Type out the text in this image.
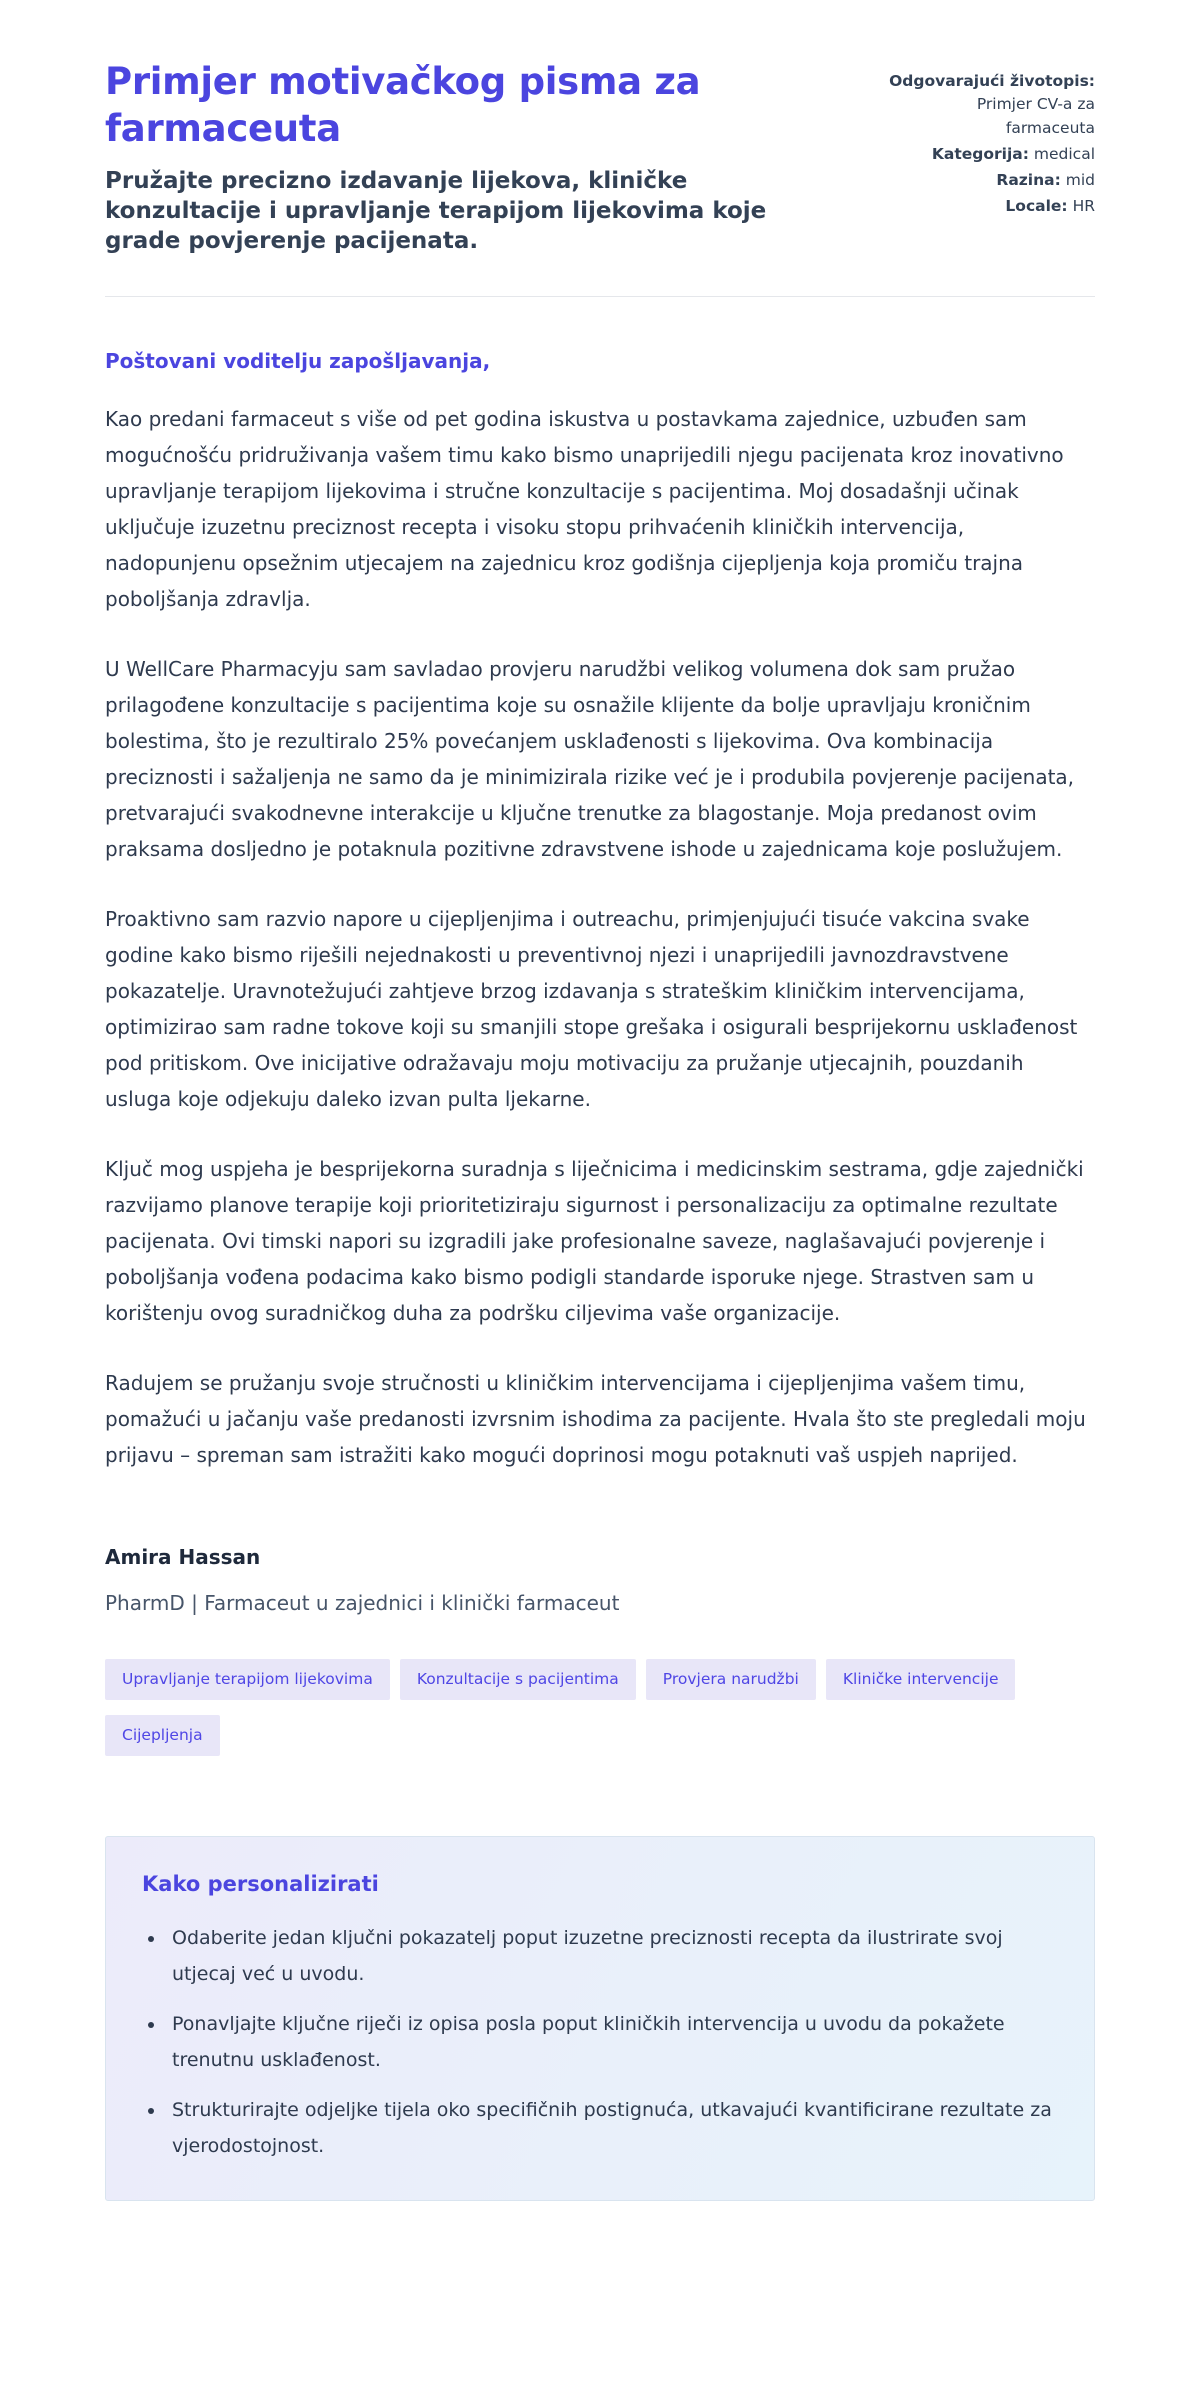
Primjer motivačkog pisma za farmaceuta

Pružajte precizno izdavanje lijekova, kliničke konzultacije i upravljanje terapijom lijekovima koje grade povjerenje pacijenata.

Odgovarajući životopis: Primjer CV-a za farmaceuta
Kategorija: medical
Razina: mid
Locale: HR

Poštovani voditelju zapošljavanja,

Kao predani farmaceut s više od pet godina iskustva u postavkama zajednice, uzbuđen sam mogućnošću pridruživanja vašem timu kako bismo unaprijedili njegu pacijenata kroz inovativno upravljanje terapijom lijekovima i stručne konzultacije s pacijentima. Moj dosadašnji učinak uključuje izuzetnu preciznost recepta i visoku stopu prihvaćenih kliničkih intervencija, nadopunjenu opsežnim utjecajem na zajednicu kroz godišnja cijepljenja koja promiču trajna poboljšanja zdravlja.

U WellCare Pharmacyju sam savladao provjeru narudžbi velikog volumena dok sam pružao prilagođene konzultacije s pacijentima koje su osnažile klijente da bolje upravljaju kroničnim bolestima, što je rezultiralo 25% povećanjem usklađenosti s lijekovima. Ova kombinacija preciznosti i sažaljenja ne samo da je minimizirala rizike već je i produbila povjerenje pacijenata, pretvarajući svakodnevne interakcije u ključne trenutke za blagostanje. Moja predanost ovim praksama dosljedno je potaknula pozitivne zdravstvene ishode u zajednicama koje poslužujem.

Proaktivno sam razvio napore u cijepljenjima i outreachu, primjenjujući tisuće vakcina svake godine kako bismo riješili nejednakosti u preventivnoj njezi i unaprijedili javnozdravstvene pokazatelje. Uravnotežujući zahtjeve brzog izdavanja s strateškim kliničkim intervencijama, optimizirao sam radne tokove koji su smanjili stope grešaka i osigurali besprijekornu usklađenost pod pritiskom. Ove inicijative odražavaju moju motivaciju za pružanje utjecajnih, pouzdanih usluga koje odjekuju daleko izvan pulta ljekarne.

Ključ mog uspjeha je besprijekorna suradnja s liječnicima i medicinskim sestrama, gdje zajednički razvijamo planove terapije koji prioritetiziraju sigurnost i personalizaciju za optimalne rezultate pacijenata. Ovi timski napori su izgradili jake profesionalne saveze, naglašavajući povjerenje i poboljšanja vođena podacima kako bismo podigli standarde isporuke njege. Strastven sam u korištenju ovog suradničkog duha za podršku ciljevima vaše organizacije.

Radujem se pružanju svoje stručnosti u kliničkim intervencijama i cijepljenjima vašem timu, pomažući u jačanju vaše predanosti izvrsnim ishodima za pacijente. Hvala što ste pregledali moju prijavu – spreman sam istražiti kako mogući doprinosi mogu potaknuti vaš uspjeh naprijed.

Amira Hassan

PharmD | Farmaceut u zajednici i klinički farmaceut

Upravljanje terapijom lijekovima	Konzultacije s pacijentima	Provjera narudžbi	Kliničke intervencije
Cijepljenja
Kako personalizirati
• Odaberite jedan ključni pokazatelj poput izuzetne preciznosti recepta da ilustrirate svoj utjecaj već u uvodu.
• Ponavljajte ključne riječi iz opisa posla poput kliničkih intervencija u uvodu da pokažete trenutnu usklađenost.
• Strukturirajte odjeljke tijela oko specifičnih postignuća, utkavajući kvantificirane rezultate za vjerodostojnost.
